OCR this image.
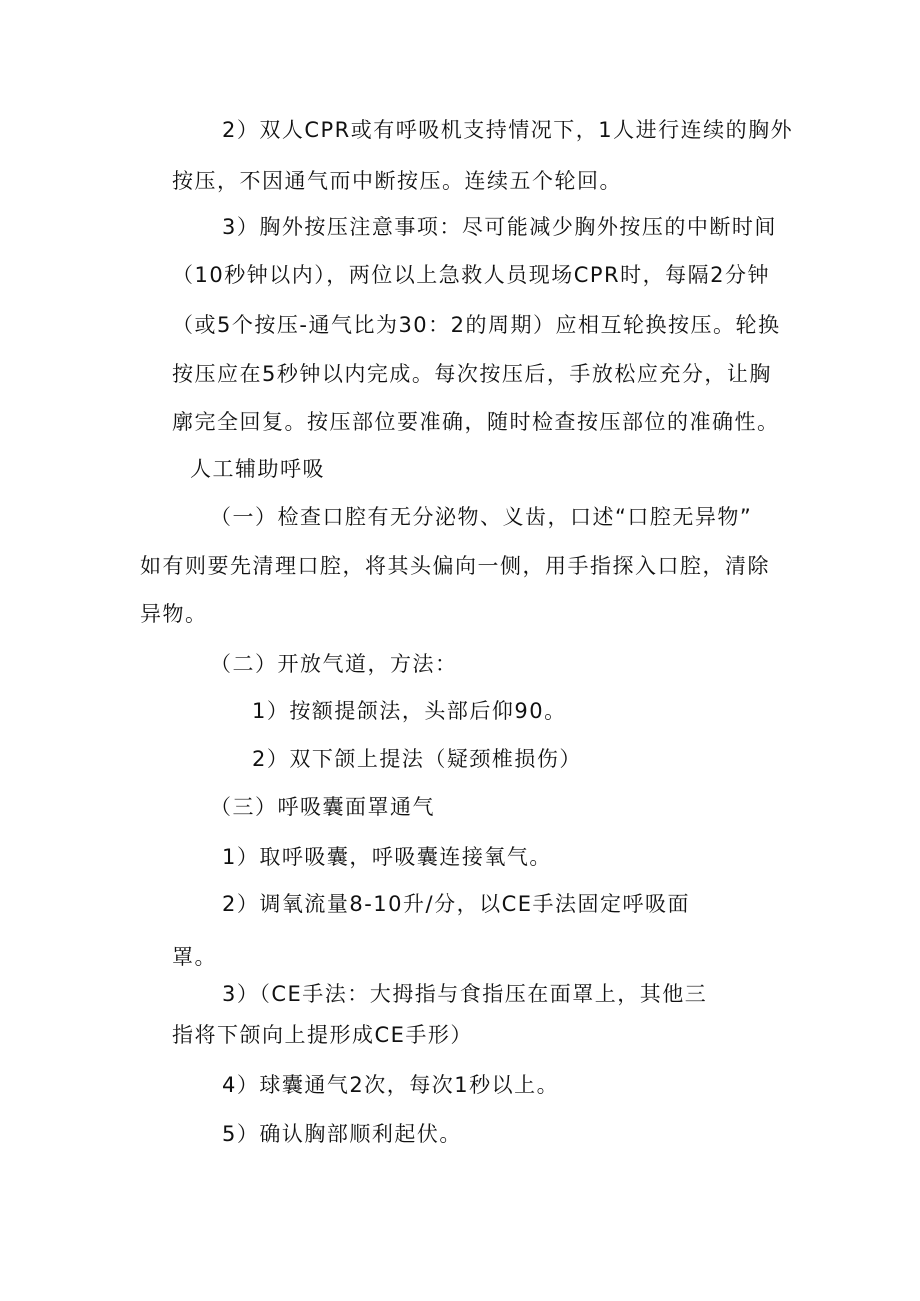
2）双人CPR或有呼吸机支持情况下，1人进行连续的胸外
按压，不因通气而中断按压。连续五个轮回。
3）胸外按压注意事项：尽可能减少胸外按压的中断时间
（10秒钟以内），两位以上急救人员现场CPR时，每隔2分钟
（或5个按压-通气比为30：2的周期）应相互轮换按压。轮换
按压应在5秒钟以内完成。每次按压后，手放松应充分，让胸
廓完全回复。按压部位要准确，随时检查按压部位的准确性。
人工辅助呼吸
（一）检查口腔有无分泌物、义齿，口述“口腔无异物”
如有则要先清理口腔，将其头偏向一侧，用手指探入口腔，清除
异物。
（二）开放气道，方法：
1）按额提颌法，头部后仰90。
2）双下颌上提法（疑颈椎损伤）
（三）呼吸囊面罩通气
1）取呼吸囊，呼吸囊连接氧气。
2）调氧流量8-10升/分，以CE手法固定呼吸面
罩。
3）（CE手法：大拇指与食指压在面罩上，其他三
指将下颌向上提形成CE手形）
4）球囊通气2次，每次1秒以上。
5）确认胸部顺利起伏。
